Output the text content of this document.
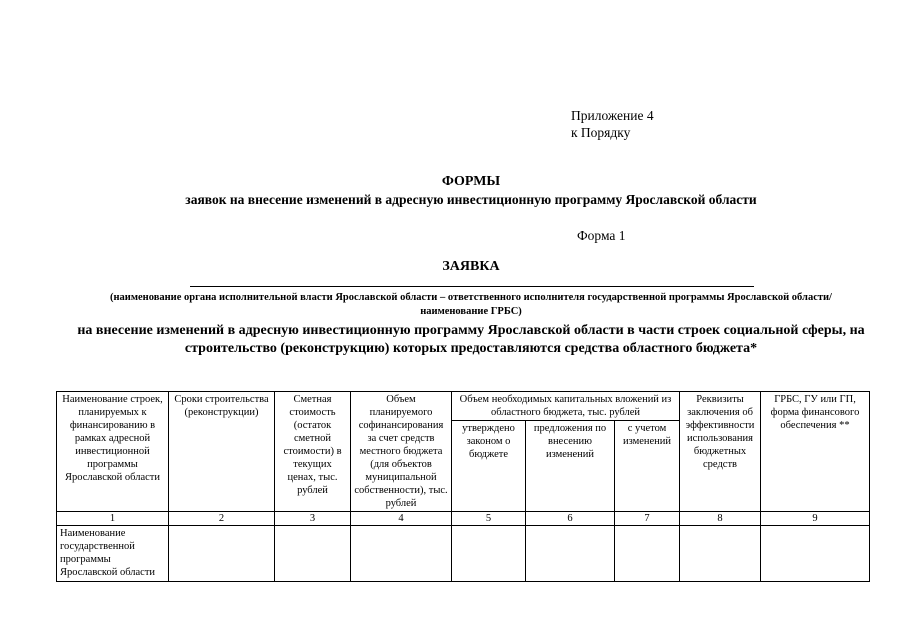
Приложение 4
к Порядку
ФОРМЫ
заявок на внесение изменений в адресную инвестиционную программу Ярославской области
Форма 1
ЗАЯВКА
(наименование органа исполнительной власти Ярославской области – ответственного исполнителя государственной программы Ярославской области/ наименование ГРБС)
на внесение изменений в адресную инвестиционную программу Ярославской области в части строек социальной сферы, на строительство (реконструкцию) которых предоставляются средства областного бюджета*
Наименование строек, планируемых к финансированию в рамках адресной инвестиционной программы Ярославской области	Сроки строительства (реконструкции)	Сметная стоимость (остаток сметной стоимости) в текущих ценах, тыс. рублей	Объем планируемого софинансирования за счет средств местного бюджета (для объектов муниципальной собственности), тыс. рублей	Объем необходимых капитальных вложений из областного бюджета, тыс. рублей			Реквизиты заключения об эффективности использования бюджетных средств	ГРБС, ГУ или ГП, форма финансового обеспечения **
				утверждено законом о бюджете	предложения по внесению изменений	с учетом изменений		
1	2	3	4	5	6	7	8	9
Наименование государственной программы Ярославской области								
